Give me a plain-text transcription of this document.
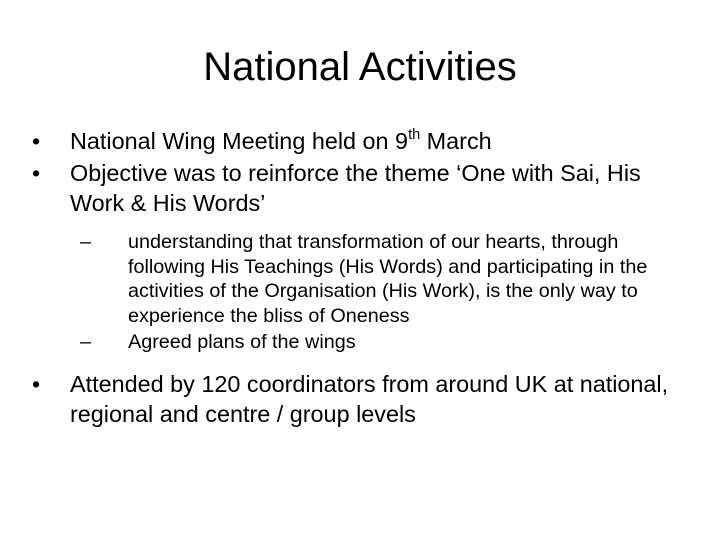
National Activities
• National Wing Meeting held on 9th March
• Objective was to reinforce the theme ‘One with Sai, His Work & His Words’
– understanding that transformation of our hearts, through following His Teachings (His Words) and participating in the activities of the Organisation (His Work), is the only way to experience the bliss of Oneness
– Agreed plans of the wings
• Attended by 120 coordinators from around UK at national, regional and centre / group levels
